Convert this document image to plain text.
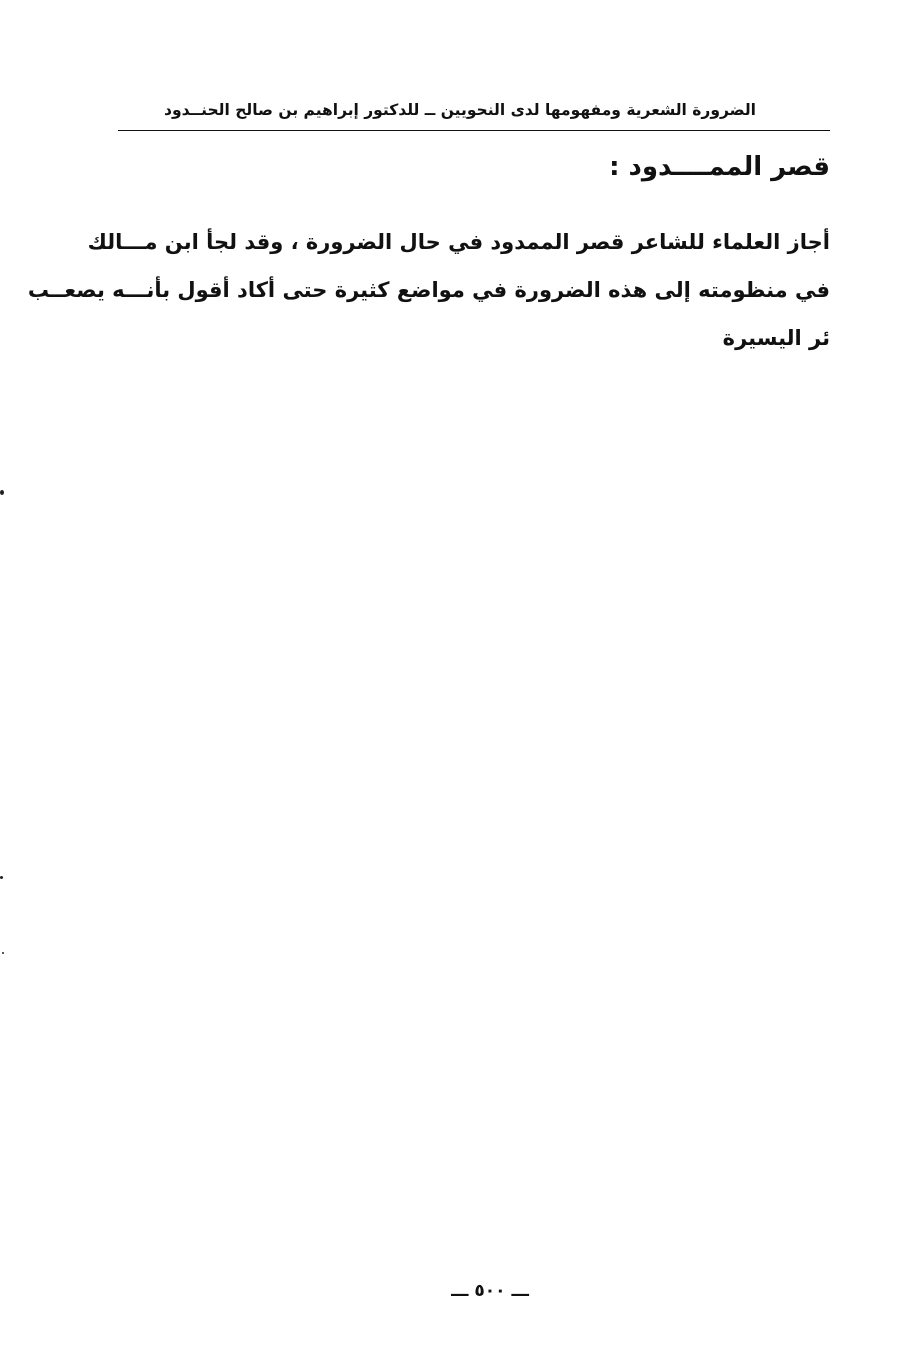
الضرورة الشعرية ومفهومها لدى النحويين ــ للدكتور إبراهيم بن صالح الحنــدود
قصر الممــــدود :
أجاز العلماء للشاعر قصر الممدود في حال الضرورة ، وقد لجأ ابن مـــالك
في منظومته إلى هذه الضرورة في مواضع كثيرة حتى أكاد أقول بأنـــه يصعــب
ئر اليسيرة
ـــ ٥٠٠ ـــ
